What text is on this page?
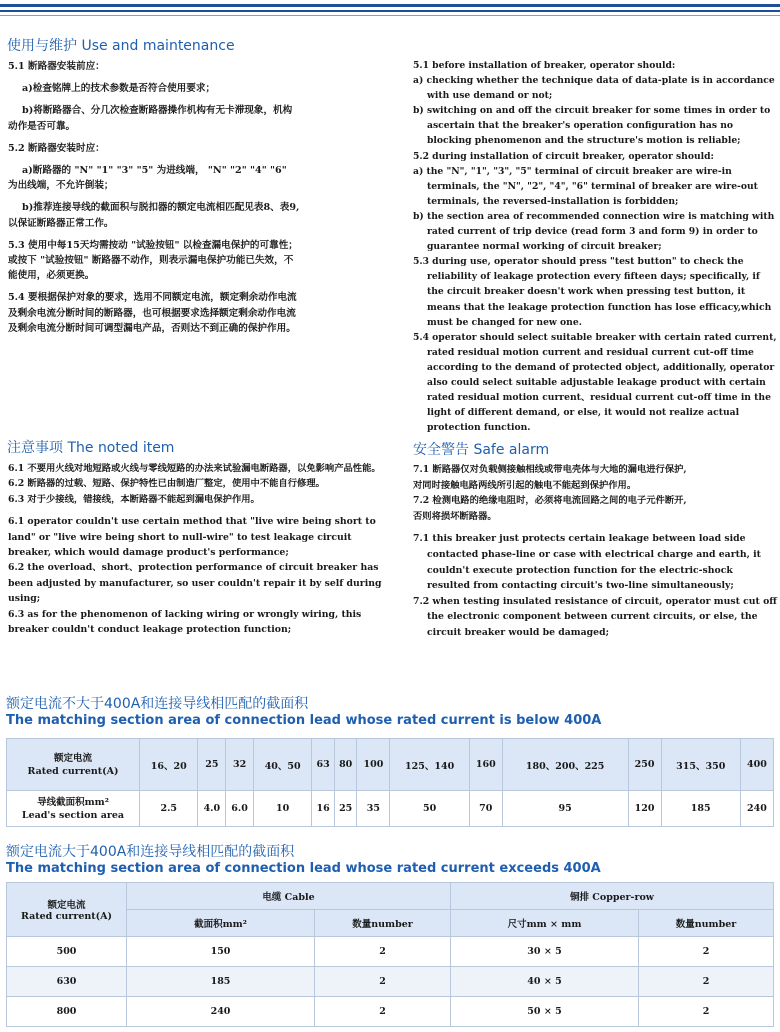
使用与维护 Use and maintenance

5.1 断路器安装前应：

a)检查铭牌上的技术参数是否符合使用要求；

b)将断路器合、分几次检查断路器操作机构有无卡滞现象，机构

动作是否可靠。

5.2 断路器安装时应：

a)断路器的 "N" "1" "3" "5" 为进线端， "N" "2" "4" "6"

为出线端，不允许倒装；

b)推荐连接导线的截面积与脱扣器的额定电流相匹配见表8、表9,

以保证断路器正常工作。

5.3 使用中每15天均需按动 "试验按钮" 以检查漏电保护的可靠性；

或按下 "试验按钮" 断路器不动作，则表示漏电保护功能已失效，不

能使用，必须更换。

5.4 要根据保护对象的要求，选用不同额定电流，额定剩余动作电流

及剩余电流分断时间的断路器，也可根据要求选择额定剩余动作电流

及剩余电流分断时间可调型漏电产品，否则达不到正确的保护作用。

5.1 before installation of breaker, operator should:

a) checking whether the technique data of data-plate is in accordance with use demand or not;

b) switching on and off the circuit breaker for some times in order to ascertain that the breaker's operation configuration has no blocking phenomenon and the structure's motion is reliable;

5.2 during installation of circuit breaker, operator should:

a) the "N", "1", "3", "5" terminal of circuit breaker are wire-in terminals, the "N", "2", "4", "6" terminal of breaker are wire-out terminals, the reversed-installation is forbidden;

b) the section area of recommended connection wire is matching with rated current of trip device (read form 3 and form 9) in order to guarantee normal working of circuit breaker;

5.3 during use, operator should press "test button" to check the reliability of leakage protection every fifteen days; specifically, if the circuit breaker doesn't work when pressing test button, it means that the leakage protection function has lose efficacy,which must be changed for new one.

5.4 operator should select suitable breaker with certain rated current, rated residual motion current and residual current cut-off time according to the demand of protected object, additionally, operator also could select suitable adjustable leakage product with certain rated residual motion current、residual current cut-off time in the light of different demand, or else, it would not realize actual protection function.

注意事项 The noted item

6.1 不要用火线对地短路或火线与零线短路的办法来试验漏电断路器，以免影响产品性能。

6.2 断路器的过载、短路、保护特性已由制造厂整定，使用中不能自行修理。

6.3 对于少接线，错接线，本断路器不能起到漏电保护作用。

6.1 operator couldn't use certain method that "live wire being short to land" or "live wire being short to null-wire" to test leakage circuit breaker, which would damage product's performance;

6.2 the overload、short、protection performance of circuit breaker has been adjusted by manufacturer, so user couldn't repair it by self during using;

6.3 as for the phenomenon of lacking wiring or wrongly wiring, this breaker couldn't conduct leakage protection function;

安全警告 Safe alarm

7.1 断路器仅对负载侧接触相线或带电壳体与大地的漏电进行保护,

对同时接触电路两线所引起的触电不能起到保护作用。

7.2 检测电路的绝缘电阻时，必须将电流回路之间的电子元件断开,

否则将损坏断路器。

7.1 this breaker just protects certain leakage between load side contacted phase-line or case with electrical charge and earth, it couldn't execute protection function for the electric-shock resulted from contacting circuit's two-line simultaneously;

7.2 when testing insulated resistance of circuit, operator must cut off the electronic component between current circuits, or else, the circuit breaker would be damaged;

额定电流不大于400A和连接导线相匹配的截面积
The matching section area of connection lead whose rated current is below 400A
额定电流
Rated current(A)	16、20	25	32	40、50	63	80	100	125、140	160	180、200、225	250	315、350	400

导线截面积mm²
Lead's section area	2.5	4.0	6.0	10	16	25	35	50	70	95	120	185	240
额定电流大于400A和连接导线相匹配的截面积
The matching section area of connection lead whose rated current exceeds 400A
额定电流
Rated current(A)	电缆 Cable		铜排 Copper-row	
	截面积mm²	数量number	尺寸mm × mm	数量number
500	150	2	30 × 5	2
630	185	2	40 × 5	2
800	240	2	50 × 5	2
